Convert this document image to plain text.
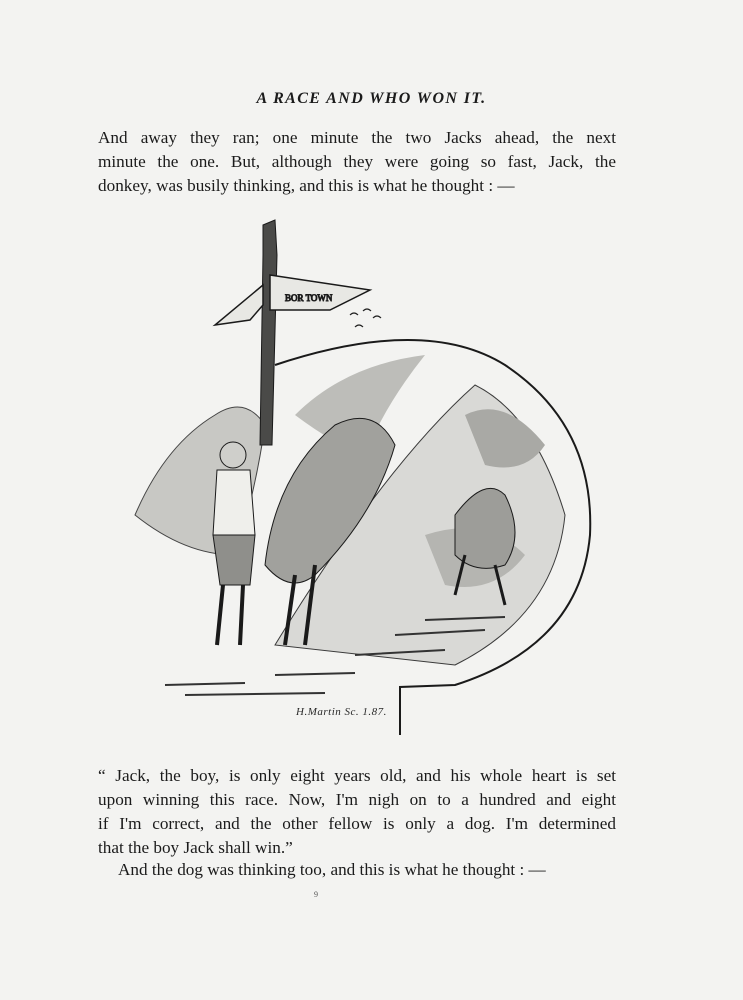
A RACE AND WHO WON IT.
And away they ran; one minute the two Jacks ahead, the next
minute the one. But, although they were going so fast, Jack, the
donkey, was busily thinking, and this is what he thought : —
BOR TOWN
H.Martin Sc. 1.87.
“ Jack, the boy, is only eight years old, and his whole heart is set
upon winning this race. Now, I'm nigh on to a hundred and eight
if I'm correct, and the other fellow is only a dog. I'm determined
that the boy Jack shall win.”
And the dog was thinking too, and this is what he thought : —
9
